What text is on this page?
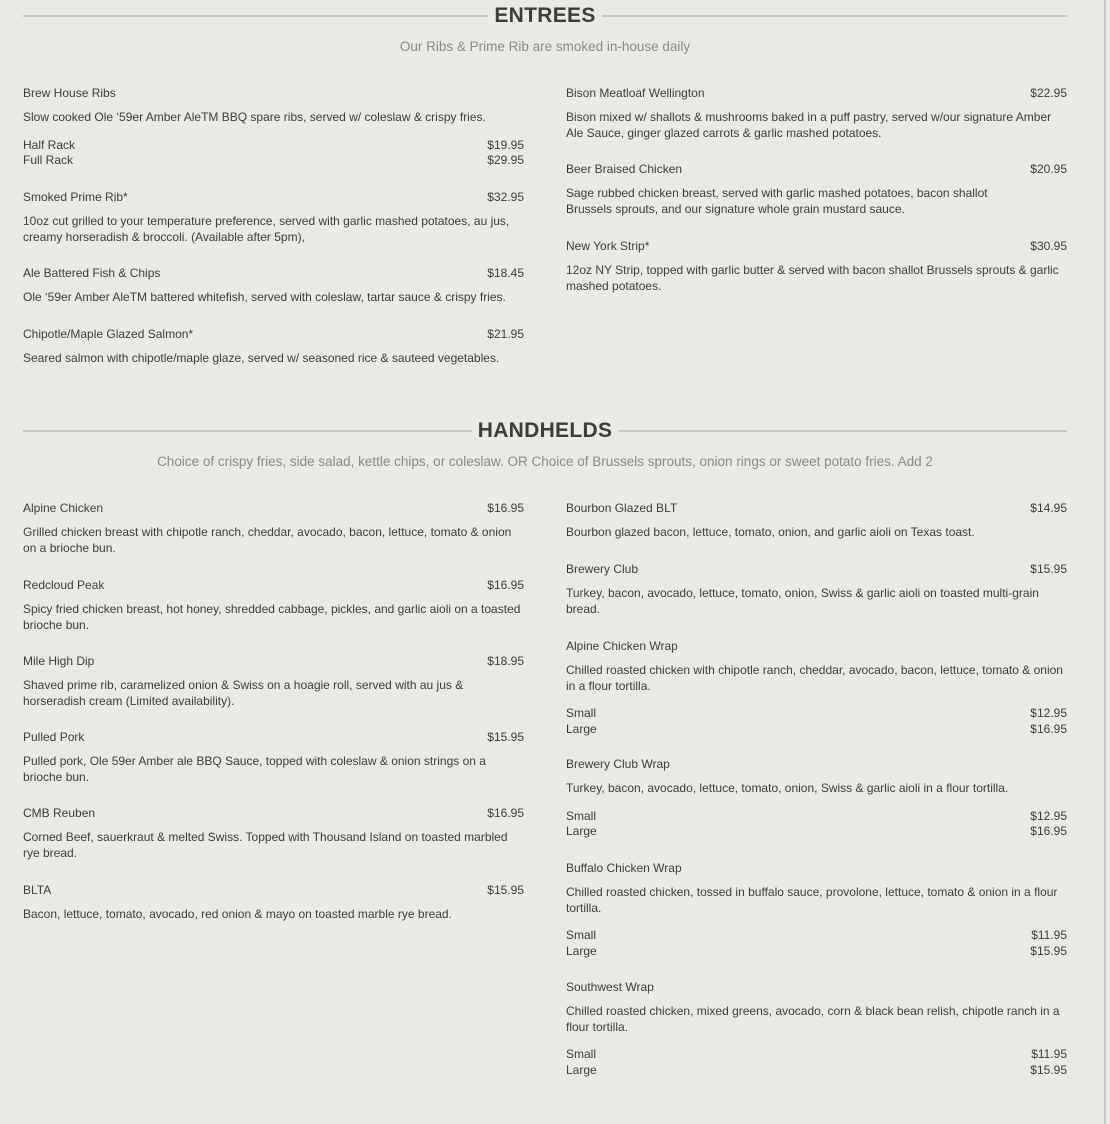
ENTREES
Our Ribs & Prime Rib are smoked in-house daily
Brew House Ribs
Slow cooked Ole ‘59er Amber AleTM BBQ spare ribs, served w/ coleslaw & crispy fries.
Half Rack	$19.95
Full Rack	$29.95
Smoked Prime Rib*	$32.95
10oz cut grilled to your temperature preference, served with garlic mashed potatoes, au jus, creamy horseradish & broccoli. (Available after 5pm),
Ale Battered Fish & Chips	$18.45
Ole ‘59er Amber AleTM battered whitefish, served with coleslaw, tartar sauce & crispy fries.
Chipotle/Maple Glazed Salmon*	$21.95
Seared salmon with chipotle/maple glaze, served w/ seasoned rice & sauteed vegetables.
Bison Meatloaf Wellington	$22.95
Bison mixed w/ shallots & mushrooms baked in a puff pastry, served w/our signature Amber Ale Sauce, ginger glazed carrots & garlic mashed potatoes.
Beer Braised Chicken	$20.95
Sage rubbed chicken breast, served with garlic mashed potatoes, bacon shallot Brussels sprouts, and our signature whole grain mustard sauce.
New York Strip*	$30.95
12oz NY Strip, topped with garlic butter & served with bacon shallot Brussels sprouts & garlic mashed potatoes.
HANDHELDS
Choice of crispy fries, side salad, kettle chips, or coleslaw. OR Choice of Brussels sprouts, onion rings or sweet potato fries. Add 2
Alpine Chicken	$16.95
Grilled chicken breast with chipotle ranch, cheddar, avocado, bacon, lettuce, tomato & onion on a brioche bun.
Redcloud Peak	$16.95
Spicy fried chicken breast, hot honey, shredded cabbage, pickles, and garlic aioli on a toasted brioche bun.
Mile High Dip	$18.95
Shaved prime rib, caramelized onion & Swiss on a hoagie roll, served with au jus & horseradish cream (Limited availability).
Pulled Pork	$15.95
Pulled pork, Ole 59er Amber ale BBQ Sauce, topped with coleslaw & onion strings on a brioche bun.
CMB Reuben	$16.95
Corned Beef, sauerkraut & melted Swiss. Topped with Thousand Island on toasted marbled rye bread.
BLTA	$15.95
Bacon, lettuce, tomato, avocado, red onion & mayo on toasted marble rye bread.
Bourbon Glazed BLT	$14.95
Bourbon glazed bacon, lettuce, tomato, onion, and garlic aioli on Texas toast.
Brewery Club	$15.95
Turkey, bacon, avocado, lettuce, tomato, onion, Swiss & garlic aioli on toasted multi-grain bread.
Alpine Chicken Wrap
Chilled roasted chicken with chipotle ranch, cheddar, avocado, bacon, lettuce, tomato & onion in a flour tortilla.
Small	$12.95
Large	$16.95
Brewery Club Wrap
Turkey, bacon, avocado, lettuce, tomato, onion, Swiss & garlic aioli in a flour tortilla.
Small	$12.95
Large	$16.95
Buffalo Chicken Wrap
Chilled roasted chicken, tossed in buffalo sauce, provolone, lettuce, tomato & onion in a flour tortilla.
Small	$11.95
Large	$15.95
Southwest Wrap
Chilled roasted chicken, mixed greens, avocado, corn & black bean relish, chipotle ranch in a flour tortilla.
Small	$11.95
Large	$15.95
